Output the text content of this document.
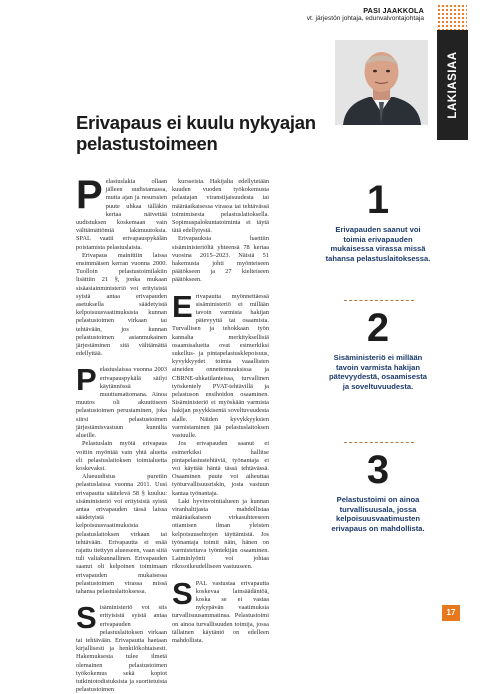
PASI JAAKKOLA
vt. järjestön johtaja, edunvalvontajohtaja
LAKIASIAA
Erivapaus ei kuulu nykyajan pelastustoimeen

Pelastuslakia ollaan jälleen uudistamassa, mutta ajan ja resurssien puute uhkaa tälläkin kertaa näivettää uudistuksen koskemaan vain välttämättömiä lakimuutoksia. SPAL vaatii erivapauspykälän poistamista pelastuslaista.

Erivapaus mainittiin laissa ensimmäisen kerran vuonna 2000. Tuolloin pelastustoimilakiin lisättiin 21 §, jonka mukaan sisäasiainministeriö voi erityisistä syistä antaa erivapauden asetuksella säädetyistä kelpoisuusvaatimuksista kunnan pelastustoimen virkaan tai tehtävään, jos kunnan pelastustoimen asianmukainen järjestäminen sitä välttämättä edellyttää.

Pelastuslaissa vuonna 2003 erivapauspykälä säilyi käytännössä muuttumattomana. Ainoa muutos oli akuuttiseen pelastustoimen perustaminen, joka siirsi pelastustoimen järjestämisvastuun kunnilta alueille.

Pelastuslain myötä erivapaus voitiin myöntää vain yhtä aluetta eli pelastuslaitoksen toimialuetta koskevaksi.

Alueuudistus puretiin pelastuslaissa vuonna 2011. Uusi erivapautta säätelevä 58 § kuuluu: sisäministeriö voi erityisistä syistä antaa erivapauden tässä laissa säädetyistä kelpoisuusvaatimuksista pelastuslaitoksen virkaan tai tehtävään. Erivapautta ei enää rajattu tiettyyn alueeseen, vaan siitä tuli valtakunnallinen. Erivapauden saanut oli kelpoinen toimimaan erivapauden mukaisessa pelastustoimen virassa missä tahansa pelastuslaitoksessa.

Sisäministeriö voi siis erityisistä syistä antaa erivapauden pelastuslaitoksen virkaan tai tehtävään. Erivapautta haetaan kirjallisesti ja henkilökohtaisesti. Hakemuksesta tulee ilmetä olemainen pelastustoimen työkokemus sekä kopiot tutkintotodistuksista ja suoritetuista pelastustoimen

kursseista. Hakijalta edellytetään kuuden vuoden työkokemusta pelastajan viranstijaisuudesta tai määräaikaisessa virassa tai tehtävässä toimimisesta pelastuslaitoksella. Sopimuspalokuntatoiminta ei täytä tätä edellytystä.

Erivapauksia haettiin sisäministeriöltä yhteensä 78 kertaa vuosina 2015–2023. Näistä 51 hakemusta johti myönteiseen päätökseen ja 27 kielteiseen päätökseen.

Erivapautta myönnettäessä sisäministeriö ei millään tavoin varmista hakijan pätevyyttä tai osaamista. Turvallisen ja tehokkaan työn kannalta merkityksellisiä osaamisalueita ovat esimerkiksi sukellus- ja pintapelastusklepoisuus, kyvykkyydet toimia vaaallisten aineiden onnettomuuksissa ja CBRNE-uhkatilanteissa, turvallinen työskentely PVAT-tehtävillä ja pelastuson ensihoidon osaaminen. Sisäministeriö ei myöskään varmista hakijan psyykkisentä soveltuvuudesta alalle. Näiden kyvykkyyksien varmistaminen jää pelastuslaitoksen vastuulle.

Jos erivapauden saanut ei esimerkiksi hallitse pintapelastustehtäviä, työnantaja ei voi käyttää häntä tässä tehtävässä. Osaaminen puute voi aiheuttaa työturvallisuusriskin, josta vastuun kantaa työnantaja.

Laki hyvinvointialueen ja kunnan viranhaltijasta mahdollistaa määräaikaiseen virkasuhteeseen ottamisen ilman yleisten kelpoisuusehtojen täyttämistä. Jos työnantaja toimii näin, hänen on varmistettava työntekijän osaaminen. Laiminlyönti voi johtaa rikosoikeudelliseen vastuuseen.

SPAL vastustaa erivapautta koskevaa lainsäädäntöä, koska se ei vastaa nykypävän vaatimuksia turvallisuusammatinsa. Pelastustoimi on ainoa turvallisuuden toimija, jossa tällainen käytäntö on edelleen mahdollista.

1
Erivapauden saanut voi toimia erivapauden mukaisessa virassa missä tahansa pelastuslaitoksessa.
2
Sisäministeriö ei millään tavoin varmista hakijan pätevyydestä, osaamisesta ja soveltuvuudesta.
3
Pelastustoimi on ainoa turvallisuusala, jossa kelpoisuusvaatimusten erivapaus on mahdollista.
17
